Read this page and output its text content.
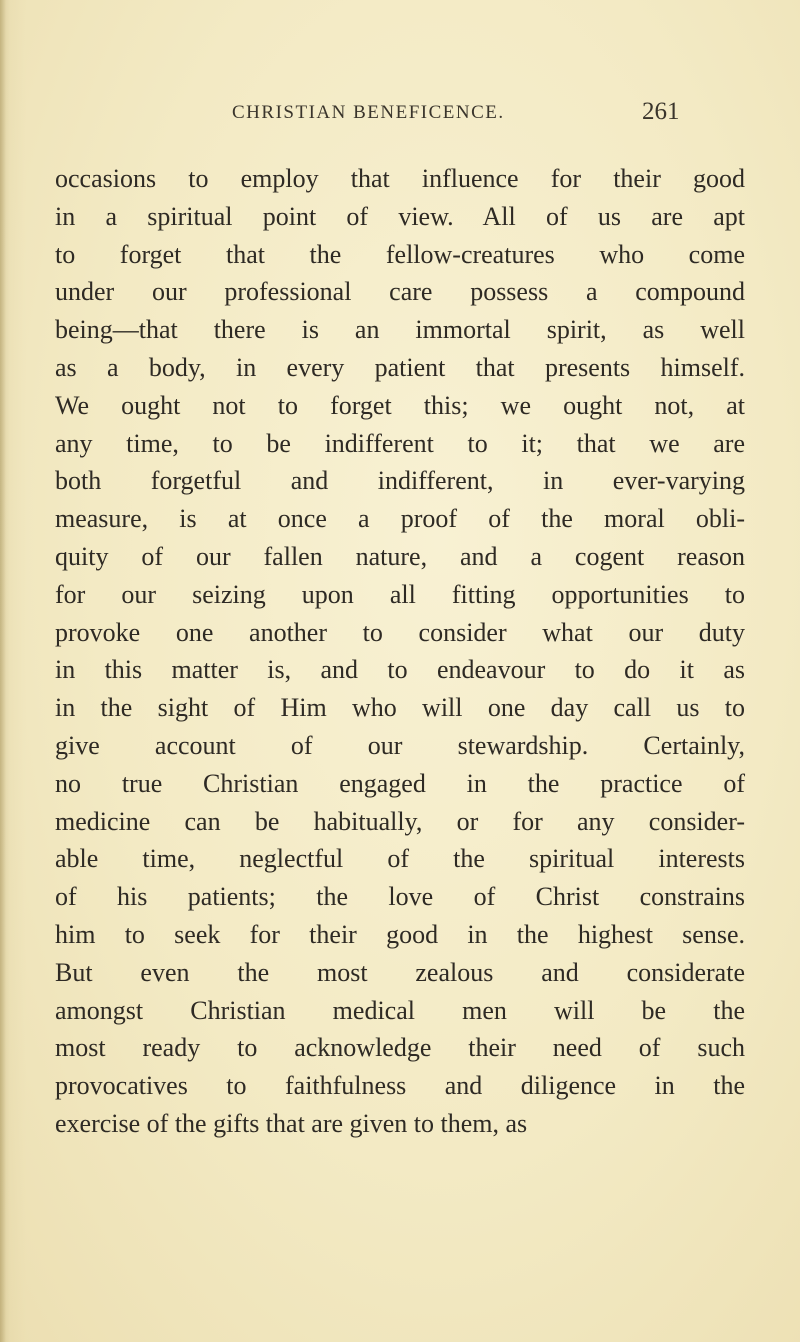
CHRISTIAN BENEFICENCE.	261
occasions to employ that influence for their good
in a spiritual point of view. All of us are apt
to forget that the fellow-creatures who come
under our professional care possess a compound
being—that there is an immortal spirit, as well
as a body, in every patient that presents himself.
We ought not to forget this; we ought not, at
any time, to be indifferent to it; that we are
both forgetful and indifferent, in ever-varying
measure, is at once a proof of the moral obli-
quity of our fallen nature, and a cogent reason
for our seizing upon all fitting opportunities to
provoke one another to consider what our duty
in this matter is, and to endeavour to do it as
in the sight of Him who will one day call us to
give account of our stewardship. Certainly,
no true Christian engaged in the practice of
medicine can be habitually, or for any consider-
able time, neglectful of the spiritual interests
of his patients; the love of Christ constrains
him to seek for their good in the highest sense.
But even the most zealous and considerate
amongst Christian medical men will be the
most ready to acknowledge their need of such
provocatives to faithfulness and diligence in the
exercise of the gifts that are given to them, as
